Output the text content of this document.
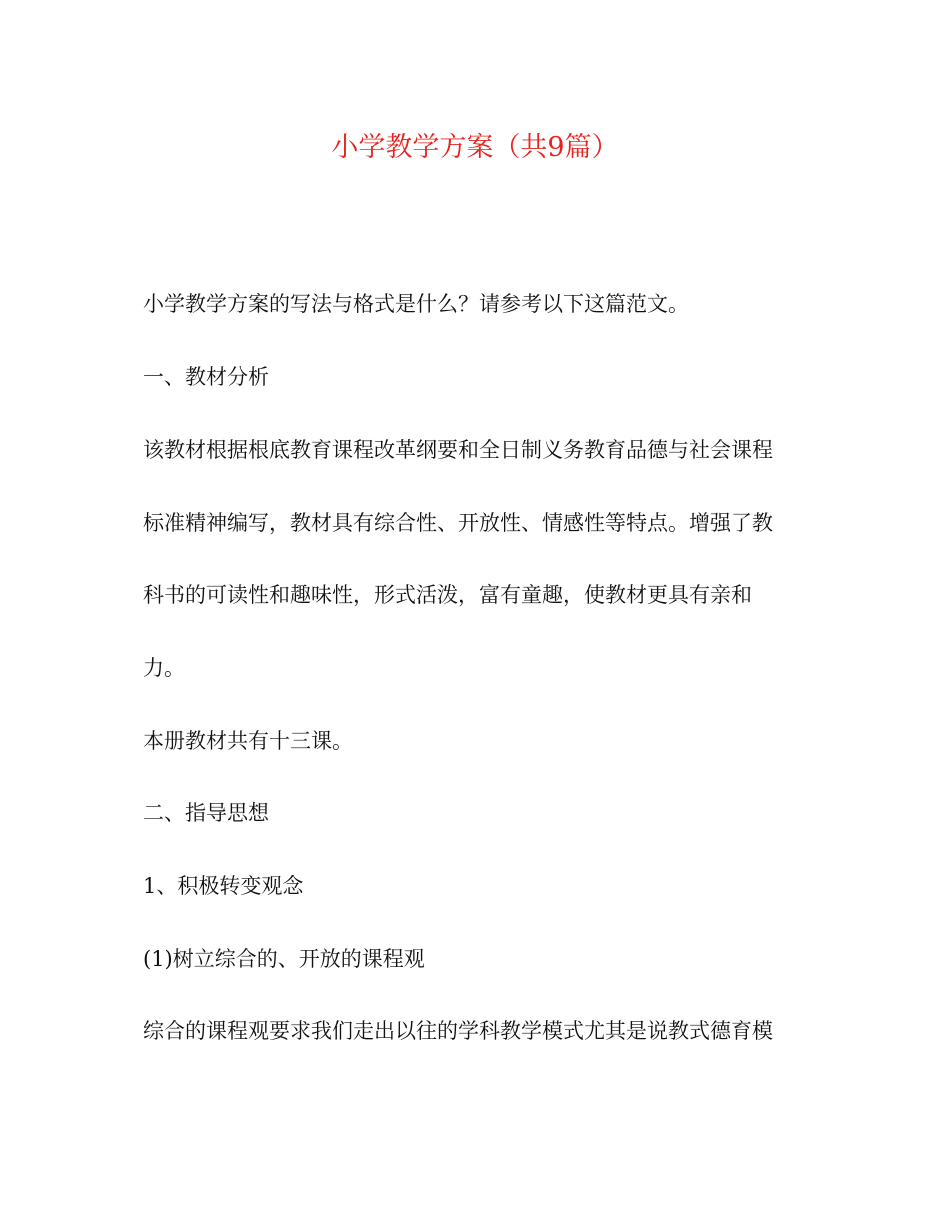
小学教学方案（共9篇）
小学教学方案的写法与格式是什么？请参考以下这篇范文。
一、教材分析
该教材根据根底教育课程改革纲要和全日制义务教育品德与社会课程
标准精神编写，教材具有综合性、开放性、情感性等特点。增强了教
科书的可读性和趣味性，形式活泼，富有童趣，使教材更具有亲和
力。
本册教材共有十三课。
二、指导思想
1、积极转变观念
(1)树立综合的、开放的课程观
综合的课程观要求我们走出以往的学科教学模式尤其是说教式德育模
